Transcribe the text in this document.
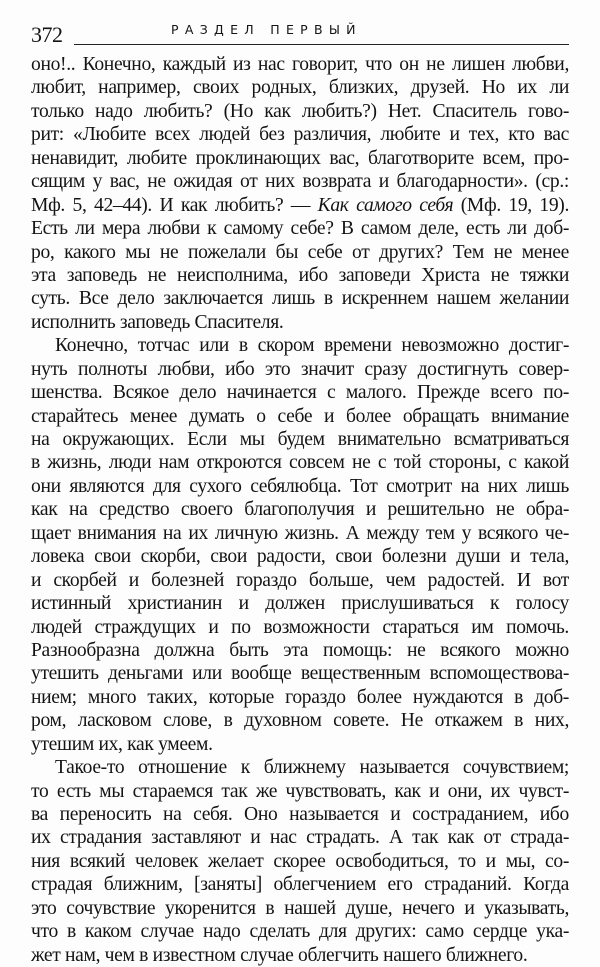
372	РАЗДЕЛ ПЕРВЫЙ
оно!.. Конечно, каждый из нас говорит, что он не лишен любви,
любит, например, своих родных, близких, друзей. Но их ли
только надо любить? (Но как любить?) Нет. Спаситель гово-
рит: «Любите всех людей без различия, любите и тех, кто вас
ненавидит, любите проклинающих вас, благотворите всем, про-
сящим у вас, не ожидая от них возврата и благодарности». (ср.:
Мф. 5, 42–44). И как любить? — Как самого себя (Мф. 19, 19).
Есть ли мера любви к самому себе? В самом деле, есть ли доб-
ро, какого мы не пожелали бы себе от других? Тем не менее
эта заповедь не неисполнима, ибо заповеди Христа не тяжки
суть. Все дело заключается лишь в искреннем нашем желании
исполнить заповедь Спасителя.
Конечно, тотчас или в скором времени невозможно достиг-
нуть полноты любви, ибо это значит сразу достигнуть совер-
шенства. Всякое дело начинается с малого. Прежде всего по-
старайтесь менее думать о себе и более обращать внимание
на окружающих. Если мы будем внимательно всматриваться
в жизнь, люди нам откроются совсем не с той стороны, с какой
они являются для сухого себялюбца. Тот смотрит на них лишь
как на средство своего благополучия и решительно не обра-
щает внимания на их личную жизнь. А между тем у всякого че-
ловека свои скорби, свои радости, свои болезни души и тела,
и скорбей и болезней гораздо больше, чем радостей. И вот
истинный христианин и должен прислушиваться к голосу
людей страждущих и по возможности стараться им помочь.
Разнообразна должна быть эта помощь: не всякого можно
утешить деньгами или вообще вещественным вспомоществова-
нием; много таких, которые гораздо более нуждаются в доб-
ром, ласковом слове, в духовном совете. Не откажем в них,
утешим их, как умеем.
Такое-то отношение к ближнему называется сочувствием;
то есть мы стараемся так же чувствовать, как и они, их чувст-
ва переносить на себя. Оно называется и состраданием, ибо
их страдания заставляют и нас страдать. А так как от страда-
ния всякий человек желает скорее освободиться, то и мы, со-
страдая ближним, [заняты] облегчением его страданий. Когда
это сочувствие укоренится в нашей душе, нечего и указывать,
что в каком случае надо сделать для других: само сердце ука-
жет нам, чем в известном случае облегчить нашего ближнего.
